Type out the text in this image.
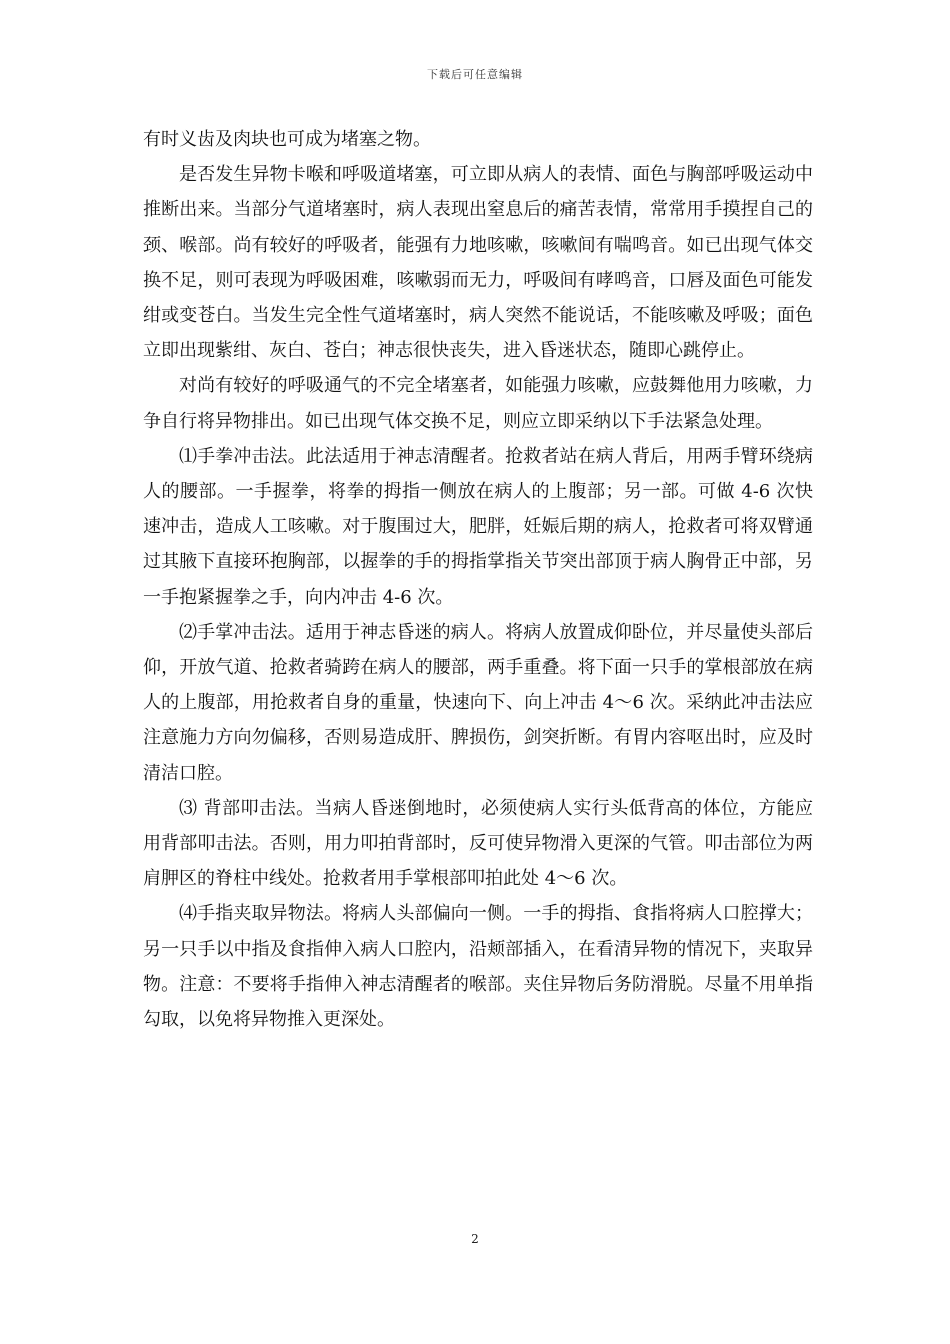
下载后可任意编辑

有时义齿及肉块也可成为堵塞之物。

是否发生异物卡喉和呼吸道堵塞，可立即从病人的表情、面色与胸部呼吸运动中推断出来。当部分气道堵塞时，病人表现出窒息后的痛苦表情，常常用手摸捏自己的颈、喉部。尚有较好的呼吸者，能强有力地咳嗽，咳嗽间有喘鸣音。如已出现气体交换不足，则可表现为呼吸困难，咳嗽弱而无力，呼吸间有哮鸣音，口唇及面色可能发绀或变苍白。当发生完全性气道堵塞时，病人突然不能说话，不能咳嗽及呼吸；面色立即出现紫绀、灰白、苍白；神志很快丧失，进入昏迷状态，随即心跳停止。

对尚有较好的呼吸通气的不完全堵塞者，如能强力咳嗽，应鼓舞他用力咳嗽，力争自行将异物排出。如已出现气体交换不足，则应立即采纳以下手法紧急处理。

⑴手拳冲击法。此法适用于神志清醒者。抢救者站在病人背后，用两手臂环绕病人的腰部。一手握拳，将拳的拇指一侧放在病人的上腹部；另一部。可做 4-6 次快速冲击，造成人工咳嗽。对于腹围过大，肥胖，妊娠后期的病人，抢救者可将双臂通过其腋下直接环抱胸部，以握拳的手的拇指掌指关节突出部顶于病人胸骨正中部，另一手抱紧握拳之手，向内冲击 4-6 次。

⑵手掌冲击法。适用于神志昏迷的病人。将病人放置成仰卧位，并尽量使头部后仰，开放气道、抢救者骑跨在病人的腰部，两手重叠。将下面一只手的掌根部放在病人的上腹部，用抢救者自身的重量，快速向下、向上冲击 4～6 次。采纳此冲击法应注意施力方向勿偏移，否则易造成肝、脾损伤，剑突折断。有胃内容呕出时，应及时清洁口腔。

⑶ 背部叩击法。当病人昏迷倒地时，必须使病人实行头低背高的体位，方能应用背部叩击法。否则，用力叩拍背部时，反可使异物滑入更深的气管。叩击部位为两肩胛区的脊柱中线处。抢救者用手掌根部叩拍此处 4～6 次。

⑷手指夹取异物法。将病人头部偏向一侧。一手的拇指、食指将病人口腔撑大；另一只手以中指及食指伸入病人口腔内，沿颊部插入，在看清异物的情况下，夹取异物。注意：不要将手指伸入神志清醒者的喉部。夹住异物后务防滑脱。尽量不用单指勾取，以免将异物推入更深处。

2
